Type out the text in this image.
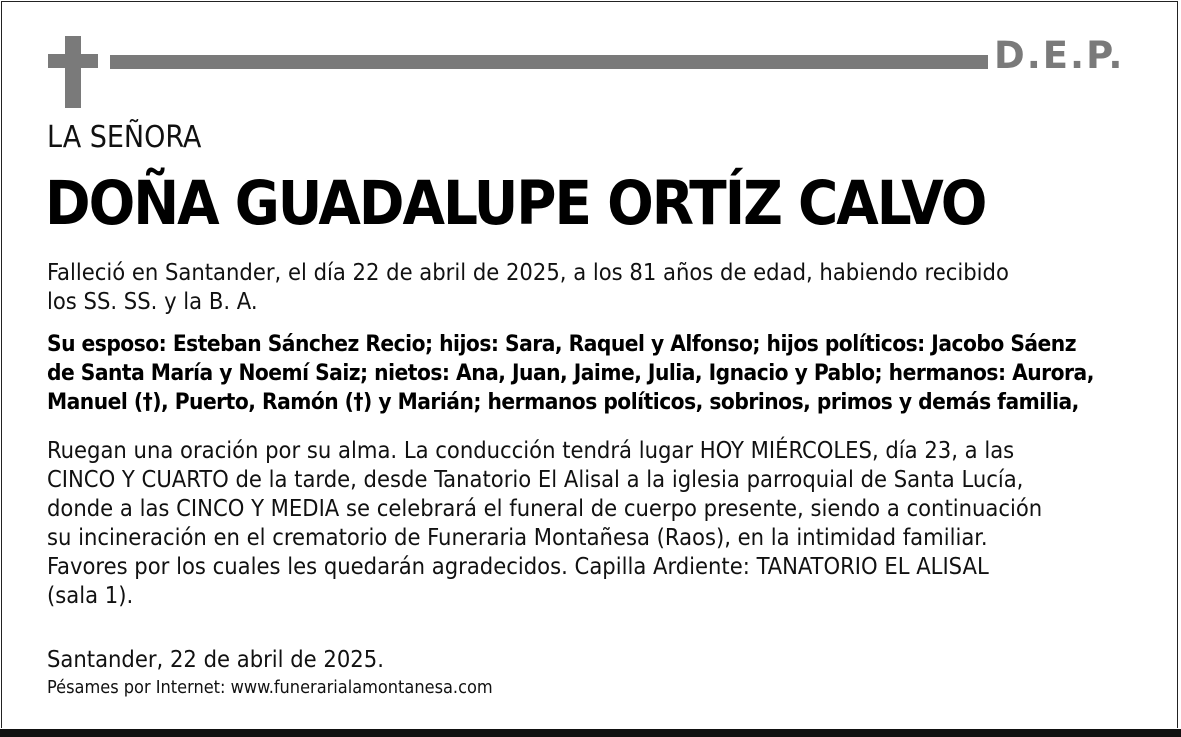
D.E.P.
LA SEÑORA
DOÑA GUADALUPE ORTÍZ CALVO
Falleció en Santander, el día 22 de abril de 2025, a los 81 años de edad, habiendo recibido
los SS. SS. y la B. A.
Su esposo: Esteban Sánchez Recio; hijos: Sara, Raquel y Alfonso; hijos políticos: Jacobo Sáenz
de Santa María y Noemí Saiz; nietos: Ana, Juan, Jaime, Julia, Ignacio y Pablo; hermanos: Aurora,
Manuel (†), Puerto, Ramón (†) y Marián; hermanos políticos, sobrinos, primos y demás familia,
Ruegan una oración por su alma. La conducción tendrá lugar HOY MIÉRCOLES, día 23, a las
CINCO Y CUARTO de la tarde, desde Tanatorio El Alisal a la iglesia parroquial de Santa Lucía,
donde a las CINCO Y MEDIA se celebrará el funeral de cuerpo presente, siendo a continuación
su incineración en el crematorio de Funeraria Montañesa (Raos), en la intimidad familiar.
Favores por los cuales les quedarán agradecidos. Capilla Ardiente: TANATORIO EL ALISAL
(sala 1).
Santander, 22 de abril de 2025.
Pésames por Internet: www.funerarialamontanesa.com
